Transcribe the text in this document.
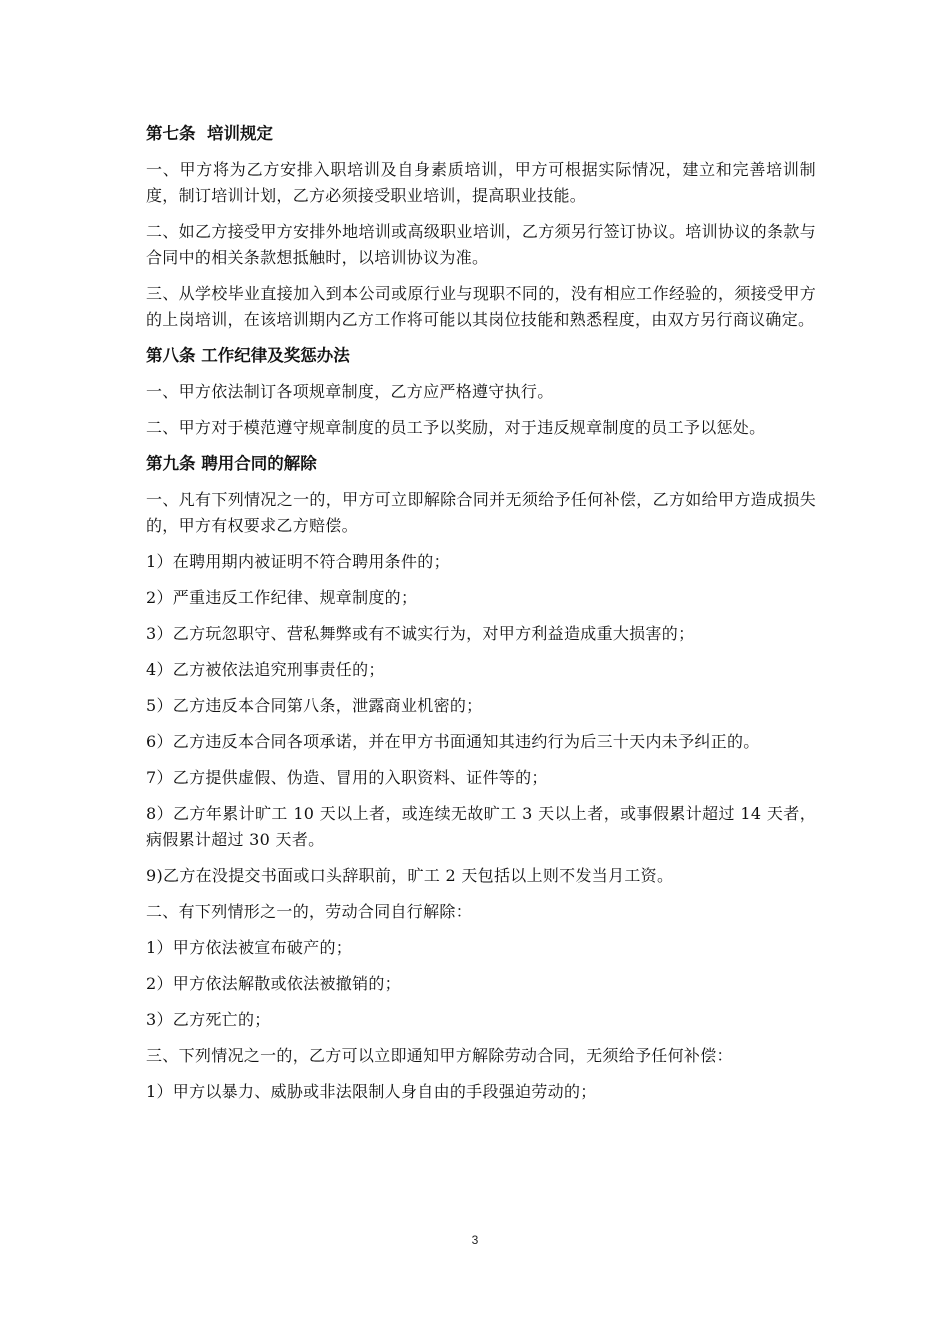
第七条  培训规定
一、甲方将为乙方安排入职培训及自身素质培训，甲方可根据实际情况，建立和完善培训制度，制订培训计划，乙方必须接受职业培训，提高职业技能。
二、如乙方接受甲方安排外地培训或高级职业培训，乙方须另行签订协议。培训协议的条款与合同中的相关条款想抵触时，以培训协议为准。
三、从学校毕业直接加入到本公司或原行业与现职不同的，没有相应工作经验的，须接受甲方的上岗培训，在该培训期内乙方工作将可能以其岗位技能和熟悉程度，由双方另行商议确定。
第八条 工作纪律及奖惩办法
一、甲方依法制订各项规章制度，乙方应严格遵守执行。
二、甲方对于模范遵守规章制度的员工予以奖励，对于违反规章制度的员工予以惩处。
第九条 聘用合同的解除
一、凡有下列情况之一的，甲方可立即解除合同并无须给予任何补偿，乙方如给甲方造成损失的，甲方有权要求乙方赔偿。
1）在聘用期内被证明不符合聘用条件的；
2）严重违反工作纪律、规章制度的；
3）乙方玩忽职守、营私舞弊或有不诚实行为，对甲方利益造成重大损害的；
4）乙方被依法追究刑事责任的；
5）乙方违反本合同第八条，泄露商业机密的；
6）乙方违反本合同各项承诺，并在甲方书面通知其违约行为后三十天内未予纠正的。
7）乙方提供虚假、伪造、冒用的入职资料、证件等的；
8）乙方年累计旷工 10 天以上者，或连续无故旷工 3 天以上者，或事假累计超过 14 天者，病假累计超过 30 天者。
9)乙方在没提交书面或口头辞职前，旷工 2 天包括以上则不发当月工资。
二、有下列情形之一的，劳动合同自行解除：
1）甲方依法被宣布破产的；
2）甲方依法解散或依法被撤销的；
3）乙方死亡的；
三、下列情况之一的，乙方可以立即通知甲方解除劳动合同，无须给予任何补偿：
1）甲方以暴力、威胁或非法限制人身自由的手段强迫劳动的；
3
